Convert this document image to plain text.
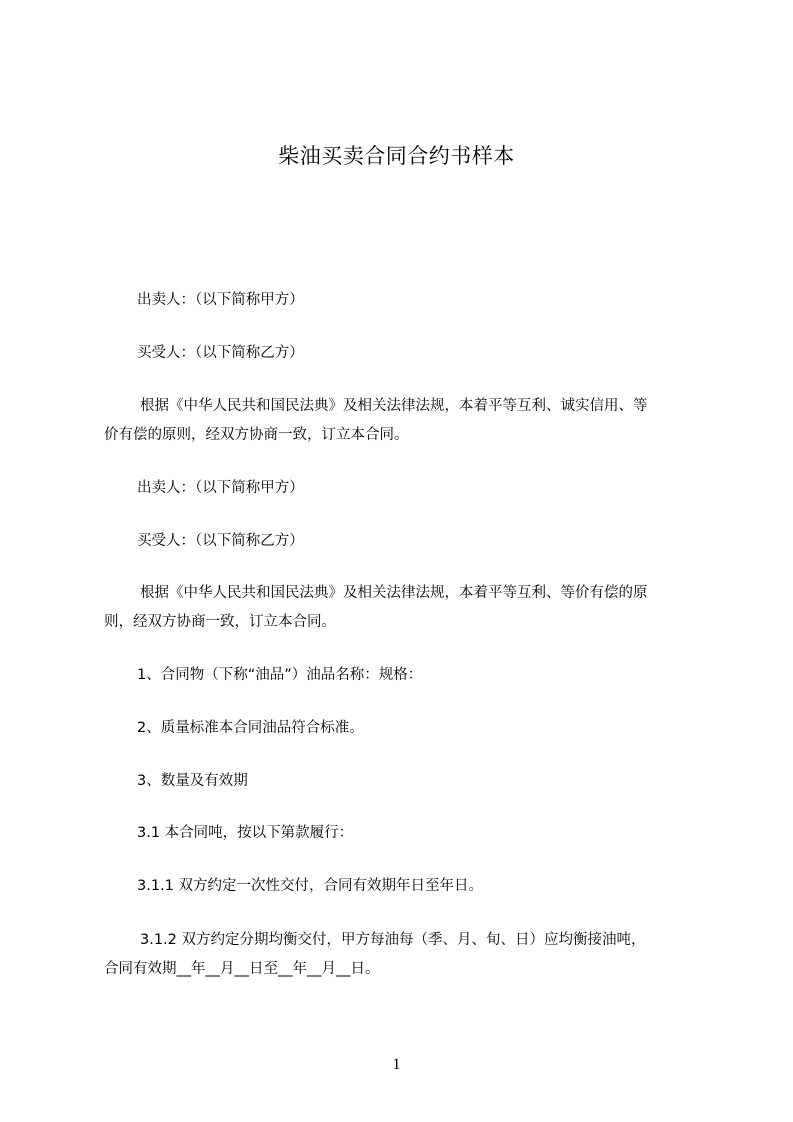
柴油买卖合同合约书样本
出卖人：（以下简称甲方）
买受人：（以下简称乙方）
根据《中华人民共和国民法典》及相关法律法规，本着平等互利、诚实信用、等
价有偿的原则，经双方协商一致，订立本合同。
出卖人：（以下简称甲方）
买受人：（以下简称乙方）
根据《中华人民共和国民法典》及相关法律法规，本着平等互利、等价有偿的原
则，经双方协商一致，订立本合同。
1、合同物（下称“油品”）油品名称：规格：
2、质量标准本合同油品符合标准。
3、数量及有效期
3.1 本合同吨，按以下第款履行：
3.1.1 双方约定一次性交付，合同有效期年日至年日。
3.1.2 双方约定分期均衡交付，甲方每油每（季、月、旬、日）应均衡接油吨，
合同有效期__年__月__日至__年__月__日。
1
